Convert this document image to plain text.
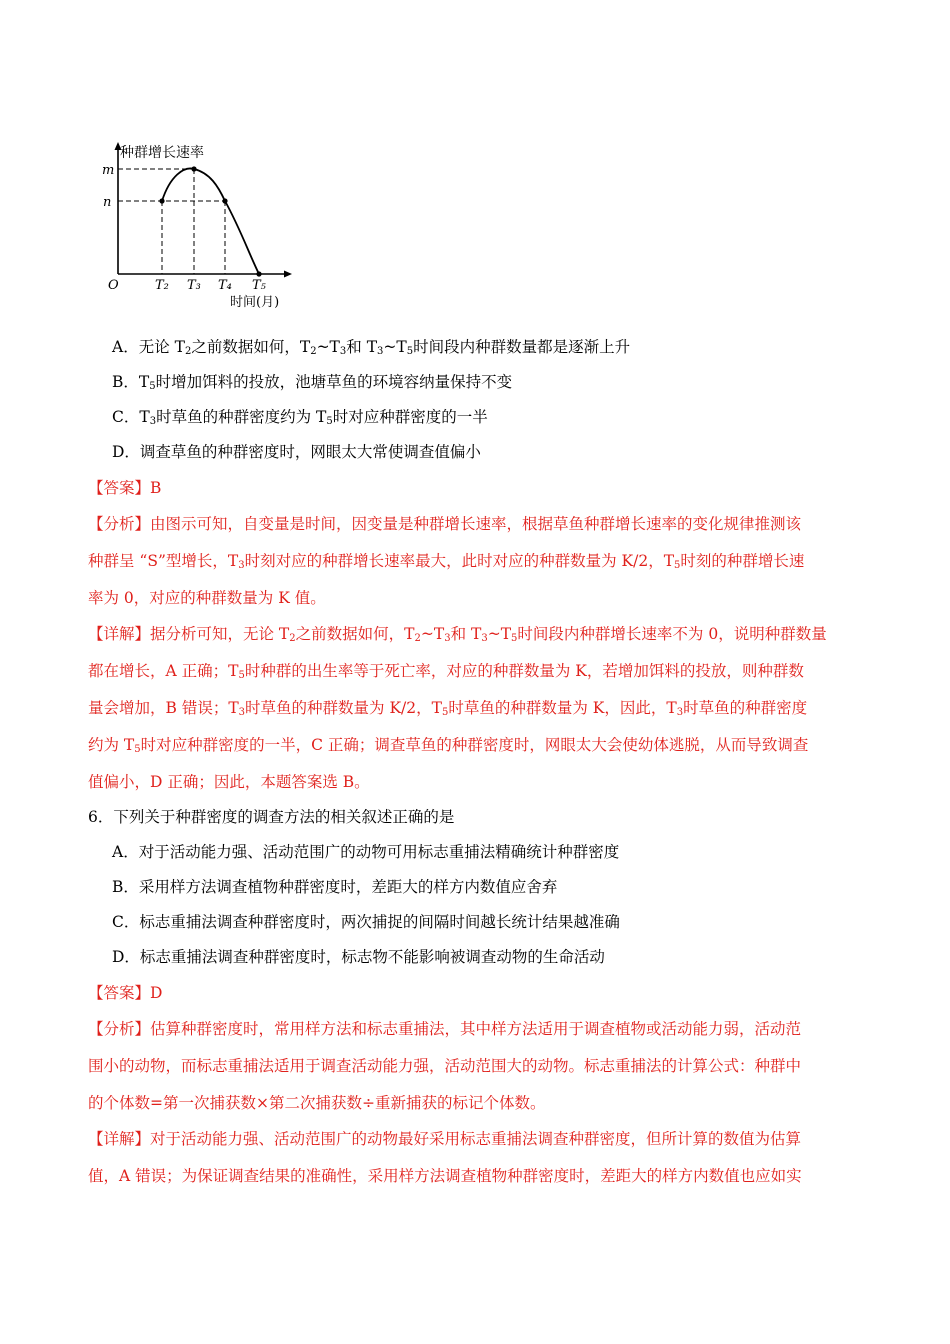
种群增长速率
m
n
O	T₂ T₃ T₄ T₅
时间(月)
A．无论 $T_2$之前数据如何，$T_2\sim T_3$和 $T_3\sim T_5$时间段内种群数量都是逐渐上升
B．$T_5$时增加饵料的投放，池塘草鱼的环境容纳量保持不变
C．$T_3$时草鱼的种群密度约为 $T_5$时对应种群密度的一半
D．调查草鱼的种群密度时，网眼太大常使调查值偏小
【答案】B
【分析】由图示可知，自变量是时间，因变量是种群增长速率，根据草鱼种群增长速率的变化规律推测该
种群呈 “S”型增长，$T_3$时刻对应的种群增长速率最大，此时对应的种群数量为 K/2，$T_5$时刻的种群增长速
率为 0，对应的种群数量为 K 值。
【详解】据分析可知，无论 $T_2$之前数据如何，$T_2\sim T_3$和 $T_3\sim T_5$时间段内种群增长速率不为 0，说明种群数量
都在增长，A 正确；$T_5$时种群的出生率等于死亡率，对应的种群数量为 K，若增加饵料的投放，则种群数
量会增加，B 错误；$T_3$时草鱼的种群数量为 K/2，$T_5$时草鱼的种群数量为 K，因此，$T_3$时草鱼的种群密度
约为 $T_5$时对应种群密度的一半，C 正确；调查草鱼的种群密度时，网眼太大会使幼体逃脱，从而导致调查
值偏小，D 正确；因此，本题答案选 B。
6．下列关于种群密度的调查方法的相关叙述正确的是
A．对于活动能力强、活动范围广的动物可用标志重捕法精确统计种群密度
B．采用样方法调查植物种群密度时，差距大的样方内数值应舍弃
C．标志重捕法调查种群密度时，两次捕捉的间隔时间越长统计结果越准确
D．标志重捕法调查种群密度时，标志物不能影响被调查动物的生命活动
【答案】D
【分析】估算种群密度时，常用样方法和标志重捕法，其中样方法适用于调查植物或活动能力弱，活动范
围小的动物，而标志重捕法适用于调查活动能力强，活动范围大的动物。标志重捕法的计算公式：种群中
的个体数=第一次捕获数×第二次捕获数÷重新捕获的标记个体数。
【详解】对于活动能力强、活动范围广的动物最好采用标志重捕法调查种群密度，但所计算的数值为估算
值，A 错误；为保证调查结果的准确性，采用样方法调查植物种群密度时，差距大的样方内数值也应如实
